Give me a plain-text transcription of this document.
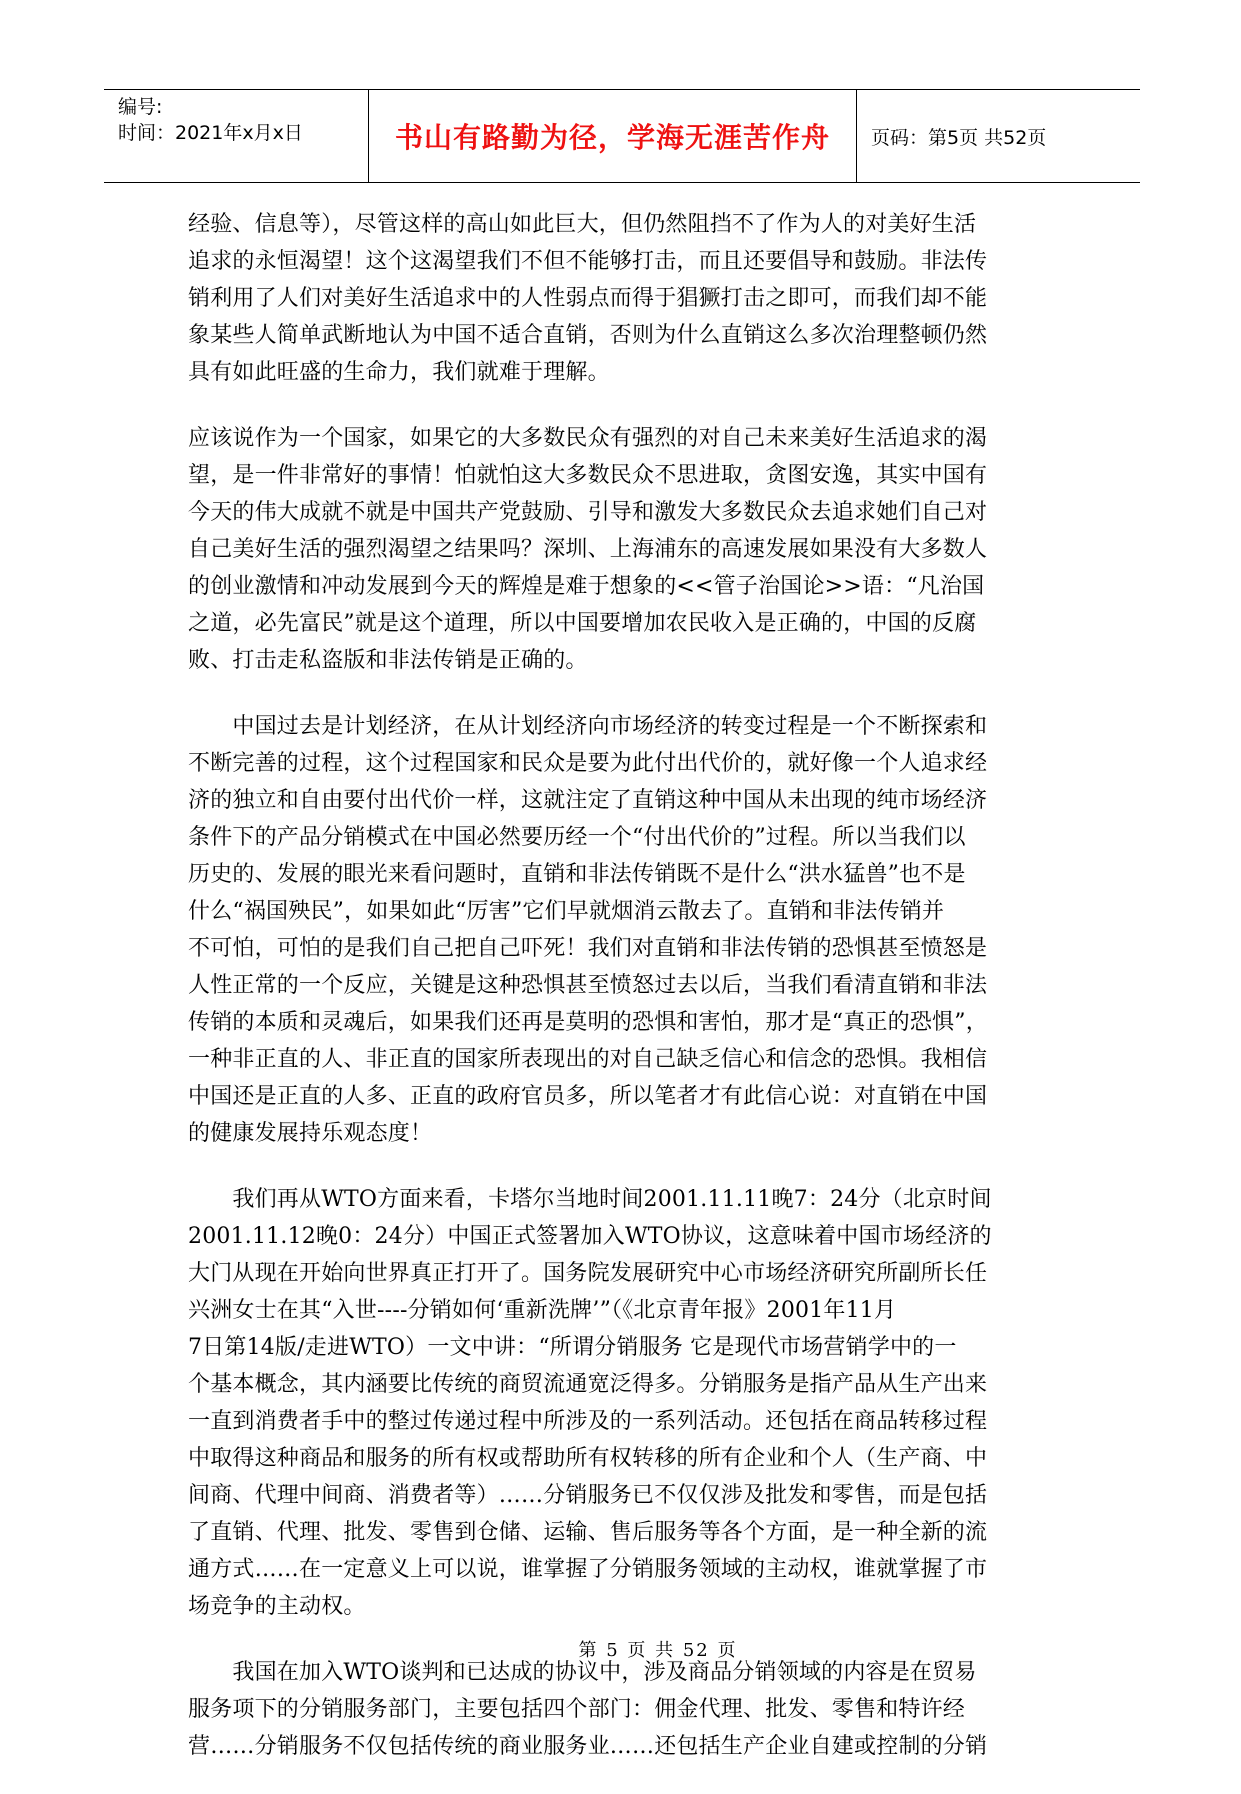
编号:
时间：2021年x月x日	书山有路勤为径，学海无涯苦作舟 页码：第5页 共52页
经验、信息等），尽管这样的高山如此巨大，但仍然阻挡不了作为人的对美好生活
追求的永恒渴望！这个这渴望我们不但不能够打击，而且还要倡导和鼓励。非法传
销利用了人们对美好生活追求中的人性弱点而得于猖獗打击之即可，而我们却不能
象某些人简单武断地认为中国不适合直销，否则为什么直销这么多次治理整顿仍然
具有如此旺盛的生命力，我们就难于理解。
应该说作为一个国家，如果它的大多数民众有强烈的对自己未来美好生活追求的渴
望，是一件非常好的事情！怕就怕这大多数民众不思进取，贪图安逸，其实中国有
今天的伟大成就不就是中国共产党鼓励、引导和激发大多数民众去追求她们自己对
自己美好生活的强烈渴望之结果吗？深圳、上海浦东的高速发展如果没有大多数人
的创业激情和冲动发展到今天的辉煌是难于想象的<<管子治国论>>语：“凡治国
之道，必先富民”就是这个道理，所以中国要增加农民收入是正确的，中国的反腐
败、打击走私盗版和非法传销是正确的。
　　中国过去是计划经济，在从计划经济向市场经济的转变过程是一个不断探索和
不断完善的过程，这个过程国家和民众是要为此付出代价的，就好像一个人追求经
济的独立和自由要付出代价一样，这就注定了直销这种中国从未出现的纯市场经济
条件下的产品分销模式在中国必然要历经一个“付出代价的”过程。所以当我们以
历史的、发展的眼光来看问题时，直销和非法传销既不是什么“洪水猛兽”也不是
什么“祸国殃民”，如果如此“厉害”它们早就烟消云散去了。直销和非法传销并
不可怕，可怕的是我们自己把自己吓死！我们对直销和非法传销的恐惧甚至愤怒是
人性正常的一个反应，关键是这种恐惧甚至愤怒过去以后，当我们看清直销和非法
传销的本质和灵魂后，如果我们还再是莫明的恐惧和害怕，那才是“真正的恐惧”，
一种非正直的人、非正直的国家所表现出的对自己缺乏信心和信念的恐惧。我相信
中国还是正直的人多、正直的政府官员多，所以笔者才有此信心说：对直销在中国
的健康发展持乐观态度！
　　我们再从WTO方面来看，卡塔尔当地时间2001.11.11晚7：24分（北京时间
2001.11.12晚0：24分）中国正式签署加入WTO协议，这意味着中国市场经济的
大门从现在开始向世界真正打开了。国务院发展研究中心市场经济研究所副所长任
兴洲女士在其“入世----分销如何‘重新洗牌’”（《北京青年报》2001年11月
7日第14版/走进WTO）一文中讲：“所谓分销服务 它是现代市场营销学中的一
个基本概念，其内涵要比传统的商贸流通宽泛得多。分销服务是指产品从生产出来
一直到消费者手中的整过传递过程中所涉及的一系列活动。还包括在商品转移过程
中取得这种商品和服务的所有权或帮助所有权转移的所有企业和个人（生产商、中
间商、代理中间商、消费者等）……分销服务已不仅仅涉及批发和零售，而是包括
了直销、代理、批发、零售到仓储、运输、售后服务等各个方面，是一种全新的流
通方式……在一定意义上可以说，谁掌握了分销服务领域的主动权，谁就掌握了市
场竞争的主动权。
　　我国在加入WTO谈判和已达成的协议中，涉及商品分销领域的内容是在贸易
服务项下的分销服务部门，主要包括四个部门：佣金代理、批发、零售和特许经
营……分销服务不仅包括传统的商业服务业……还包括生产企业自建或控制的分销
第 5 页 共 52 页
